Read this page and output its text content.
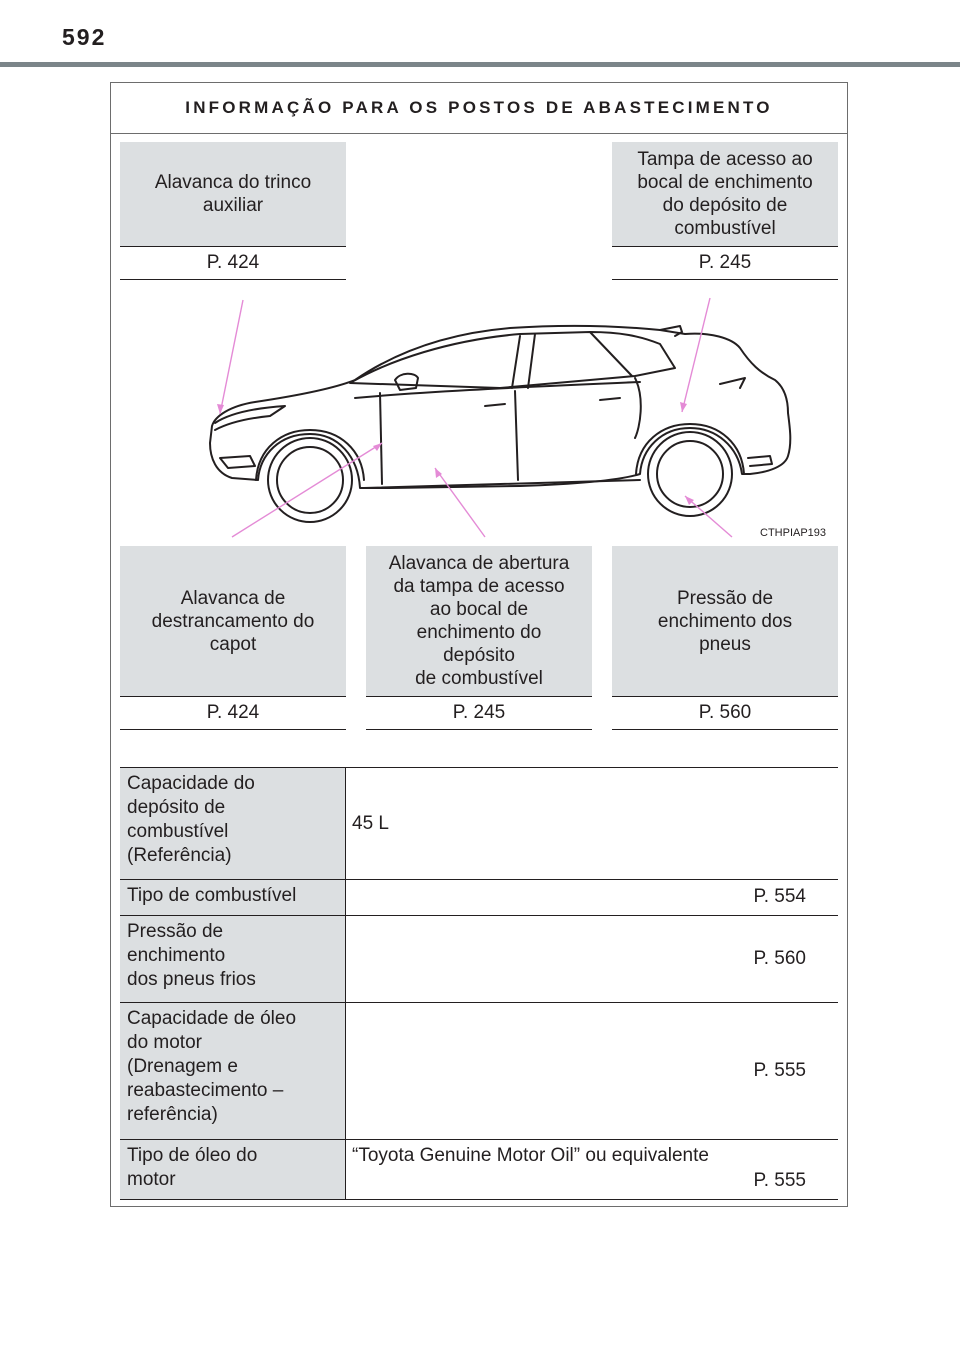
592
INFORMAÇÃO PARA OS POSTOS DE ABASTECIMENTO
Alavanca do trinco
auxiliar
P. 424
Tampa de acesso ao
bocal de enchimento
do depósito de
combustível
P. 245
CTHPIAP193
Alavanca de
destrancamento do
capot
P. 424
Alavanca de abertura
da tampa de acesso
ao bocal de
enchimento do
depósito
de combustível
P. 245
Pressão de
enchimento dos
pneus
P. 560
Capacidade do
depósito de
combustível
(Referência)
45 L
Tipo de combustível	P. 554
Pressão de
enchimento
dos pneus frios
P. 560
Capacidade de óleo
do motor
(Drenagem e
reabastecimento –
referência)
P. 555
Tipo de óleo do
motor
“Toyota Genuine Motor Oil” ou equivalente
P. 555
